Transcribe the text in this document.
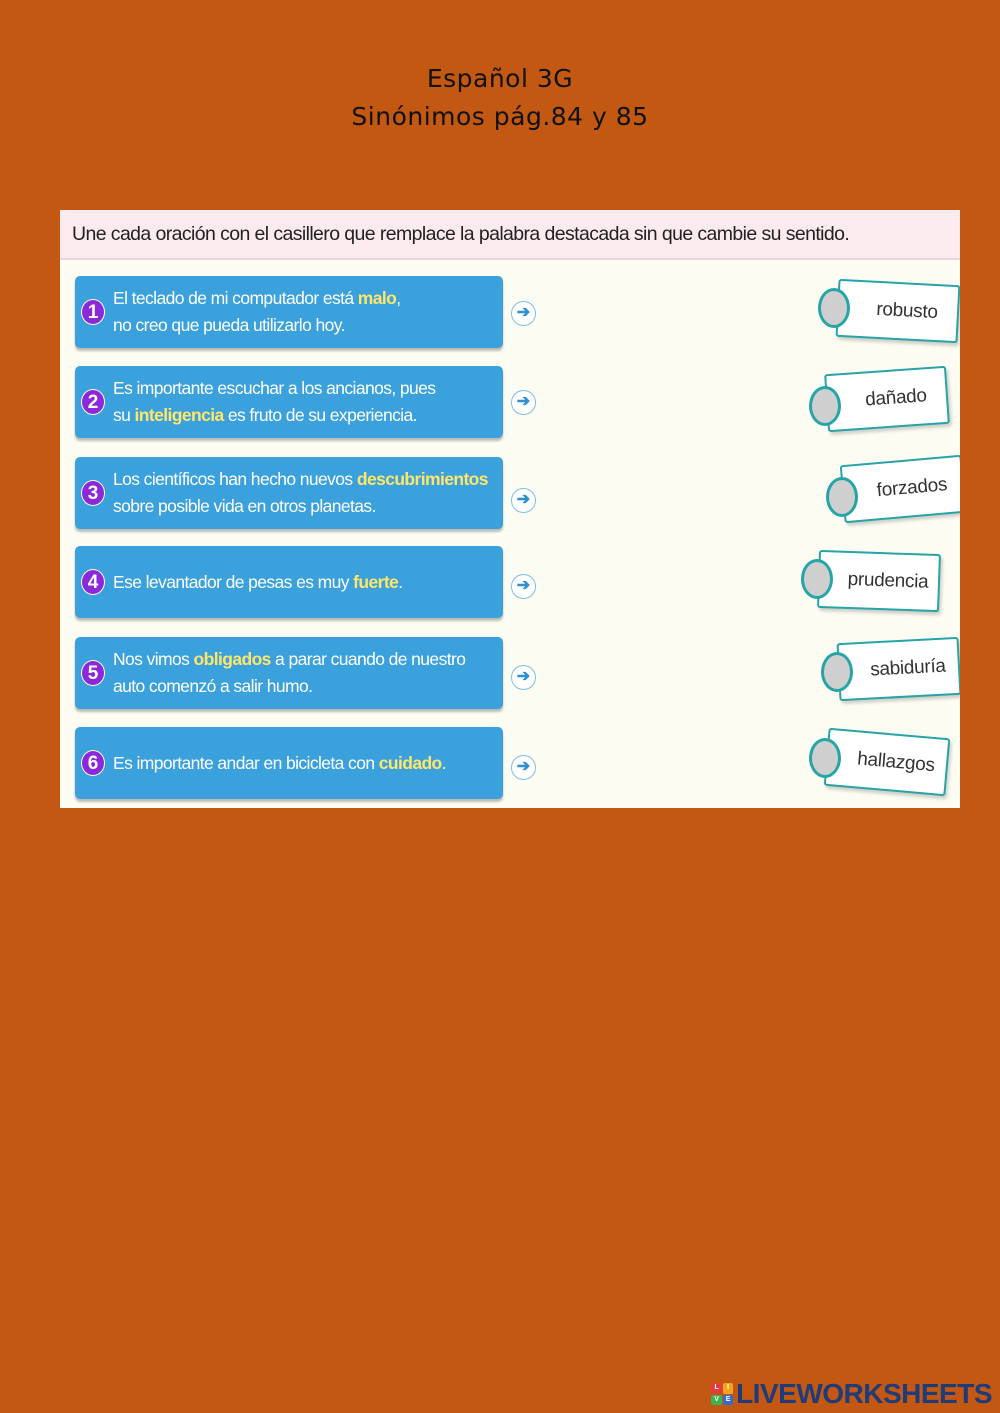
Español 3G
Sinónimos pág.84 y 85
Une cada oración con el casillero que remplace la palabra destacada sin que cambie su sentido.
1
El teclado de mi computador está malo,
no creo que pueda utilizarlo hoy.
➔
2
Es importante escuchar a los ancianos, pues
su inteligencia es fruto de su experiencia.
➔
3
Los científicos han hecho nuevos descubrimientos
sobre posible vida en otros planetas.	➔
4 Ese levantador de pesas es muy fuerte.	➔
5
Nos vimos obligados a parar cuando de nuestro
auto comenzó a salir humo.	➔
6 Es importante andar en bicicleta con cuidado.	➔
robusto
dañado
forzados
prudencia
sabiduría
hallazgos
L	I
V	E LIVEWORKSHEETS
